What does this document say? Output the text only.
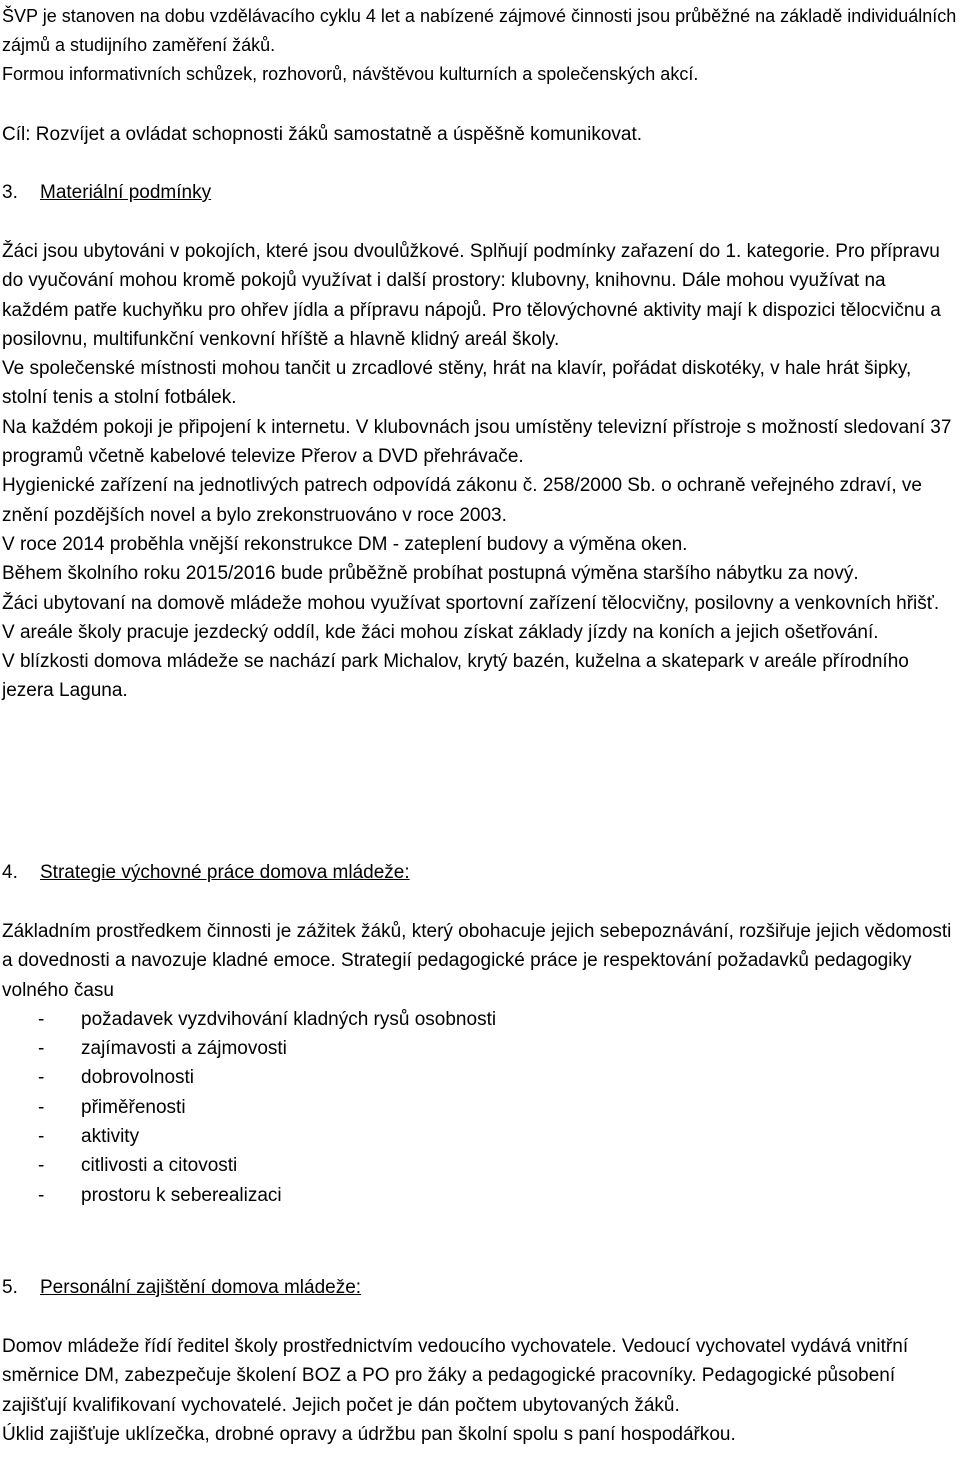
ŠVP je stanoven na dobu vzdělávacího cyklu 4 let a nabízené zájmové činnosti jsou průběžné na základě individuálních zájmů a studijního zaměření žáků.

Formou informativních schůzek, rozhovorů, návštěvou kulturních a společenských akcí.

Cíl: Rozvíjet a ovládat schopnosti žáků samostatně a úspěšně komunikovat.

3. Materiální podmínky

Žáci jsou ubytováni v pokojích, které jsou dvoulůžkové. Splňují podmínky zařazení do 1. kategorie. Pro přípravu do vyučování mohou kromě pokojů využívat i další prostory: klubovny, knihovnu. Dále mohou využívat na každém patře kuchyňku pro ohřev jídla a přípravu nápojů. Pro tělovýchovné aktivity mají k dispozici tělocvičnu a posilovnu, multifunkční venkovní hříště a hlavně klidný areál školy.

Ve společenské místnosti mohou tančit u zrcadlové stěny, hrát na klavír, pořádat diskotéky, v hale hrát šipky, stolní tenis a stolní fotbálek.

Na každém pokoji je připojení k internetu. V klubovnách jsou umístěny televizní přístroje s možností sledovaní 37 programů včetně kabelové televize Přerov a DVD přehrávače.

Hygienické zařízení na jednotlivých patrech odpovídá zákonu č. 258/2000 Sb. o ochraně veřejného zdraví, ve znění pozdějších novel a bylo zrekonstruováno v roce 2003.

V roce 2014 proběhla vnější rekonstrukce DM - zateplení budovy a výměna oken.

Během školního roku 2015/2016 bude průběžně probíhat postupná výměna staršího nábytku za nový.

Žáci ubytovaní na domově mládeže mohou využívat sportovní zařízení tělocvičny, posilovny a venkovních hřišť. V areále školy pracuje jezdecký oddíl, kde žáci mohou získat základy jízdy na koních a jejich ošetřování.

V blízkosti domova mládeže se nachází park Michalov, krytý bazén, kuželna a skatepark v areále přírodního jezera Laguna.

4. Strategie výchovné práce domova mládeže:

Základním prostředkem činnosti je zážitek žáků, který obohacuje jejich sebepoznávání, rozšiřuje jejich vědomosti a dovednosti a navozuje kladné emoce. Strategií pedagogické práce je respektování požadavků pedagogiky volného času

- požadavek vyzdvihování kladných rysů osobnosti
- zajímavosti a zájmovosti
- dobrovolnosti
- přiměřenosti
- aktivity
- citlivosti a citovosti
- prostoru k seberealizaci
5. Personální zajištění domova mládeže:

Domov mládeže řídí ředitel školy prostřednictvím vedoucího vychovatele. Vedoucí vychovatel vydává vnitřní směrnice DM, zabezpečuje školení BOZ a PO pro žáky a pedagogické pracovníky. Pedagogické působení zajišťují kvalifikovaní vychovatelé. Jejich počet je dán počtem ubytovaných žáků.

Úklid zajišťuje uklízečka, drobné opravy a údržbu pan školní spolu s paní hospodářkou.
